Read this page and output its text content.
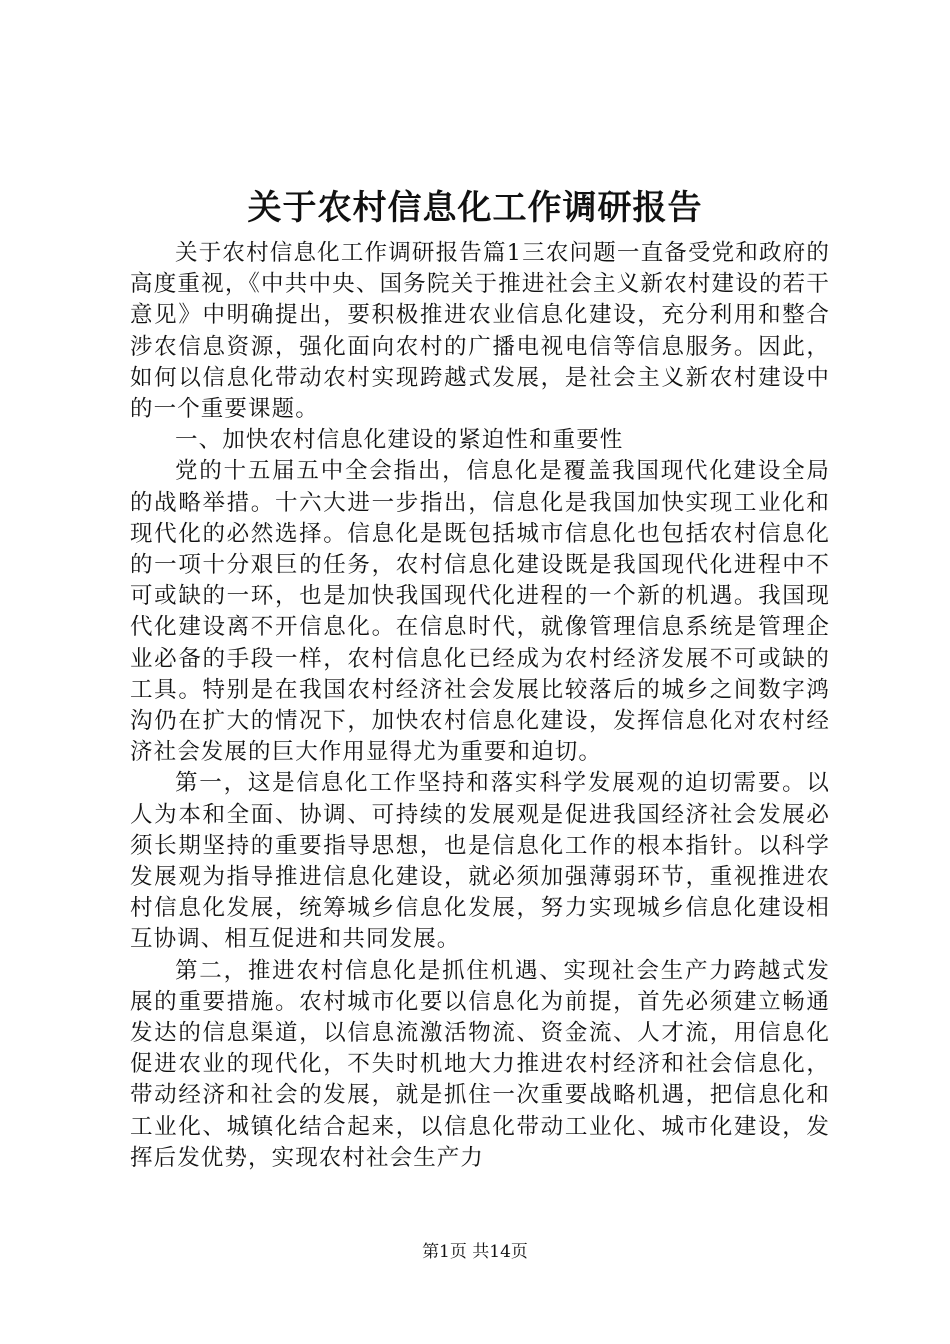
关于农村信息化工作调研报告

关于农村信息化工作调研报告篇1三农问题一直备受党和政府的高度重视，《中共中央、国务院关于推进社会主义新农村建设的若干意见》中明确提出，要积极推进农业信息化建设，充分利用和整合涉农信息资源，强化面向农村的广播电视电信等信息服务。因此，如何以信息化带动农村实现跨越式发展，是社会主义新农村建设中的一个重要课题。

一、加快农村信息化建设的紧迫性和重要性

党的十五届五中全会指出，信息化是覆盖我国现代化建设全局的战略举措。十六大进一步指出，信息化是我国加快实现工业化和现代化的必然选择。信息化是既包括城市信息化也包括农村信息化的一项十分艰巨的任务，农村信息化建设既是我国现代化进程中不可或缺的一环，也是加快我国现代化进程的一个新的机遇。我国现代化建设离不开信息化。在信息时代，就像管理信息系统是管理企业必备的手段一样，农村信息化已经成为农村经济发展不可或缺的工具。特别是在我国农村经济社会发展比较落后的城乡之间数字鸿沟仍在扩大的情况下，加快农村信息化建设，发挥信息化对农村经济社会发展的巨大作用显得尤为重要和迫切。

第一，这是信息化工作坚持和落实科学发展观的迫切需要。以人为本和全面、协调、可持续的发展观是促进我国经济社会发展必须长期坚持的重要指导思想，也是信息化工作的根本指针。以科学发展观为指导推进信息化建设，就必须加强薄弱环节，重视推进农村信息化发展，统筹城乡信息化发展，努力实现城乡信息化建设相互协调、相互促进和共同发展。

第二，推进农村信息化是抓住机遇、实现社会生产力跨越式发展的重要措施。农村城市化要以信息化为前提，首先必须建立畅通发达的信息渠道，以信息流激活物流、资金流、人才流，用信息化促进农业的现代化，不失时机地大力推进农村经济和社会信息化，带动经济和社会的发展，就是抓住一次重要战略机遇，把信息化和工业化、城镇化结合起来，以信息化带动工业化、城市化建设，发挥后发优势，实现农村社会生产力

第1页 共14页
